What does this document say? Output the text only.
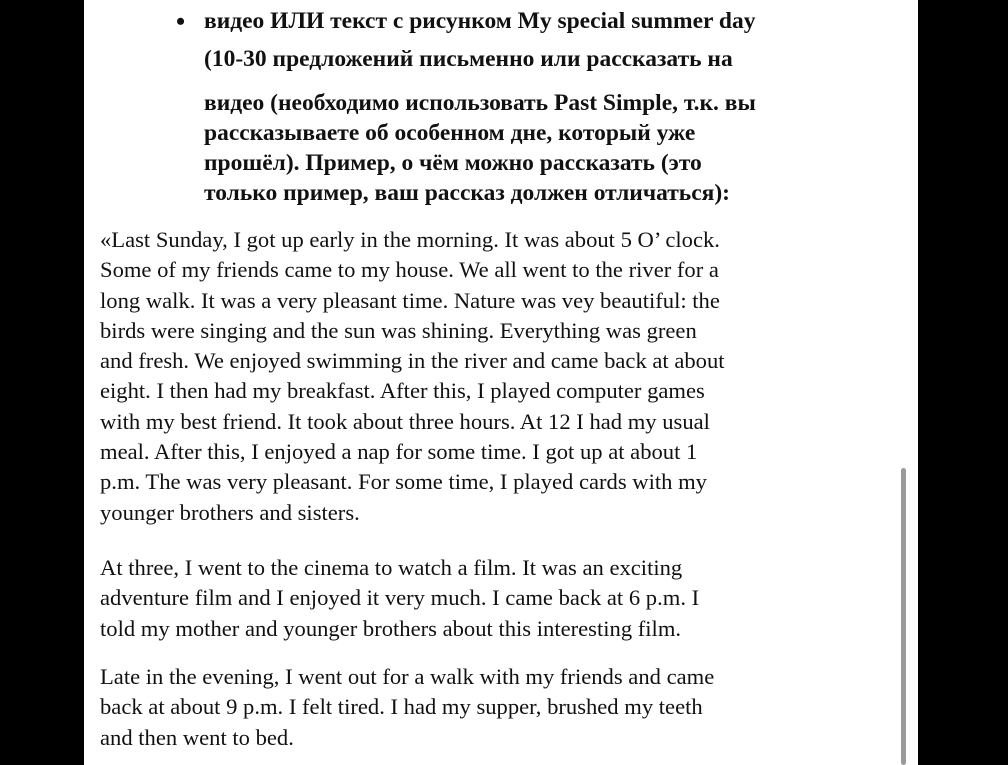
• видео ИЛИ текст с рисунком My special summer day
(10-30 предложений письменно или рассказать на
видео (необходимо использовать Past Simple, т.к. вы
рассказываете об особенном дне, который уже
прошёл). Пример, о чём можно рассказать (это
только пример, ваш рассказ должен отличаться):
«Last Sunday, I got up early in the morning. It was about 5 O’ clock.
Some of my friends came to my house. We all went to the river for a
long walk. It was a very pleasant time. Nature was vey beautiful: the
birds were singing and the sun was shining. Everything was green
and fresh. We enjoyed swimming in the river and came back at about
eight. I then had my breakfast. After this, I played computer games
with my best friend. It took about three hours. At 12 I had my usual
meal. After this, I enjoyed a nap for some time. I got up at about 1
p.m. The was very pleasant. For some time, I played cards with my
younger brothers and sisters.
At three, I went to the cinema to watch a film. It was an exciting
adventure film and I enjoyed it very much. I came back at 6 p.m. I
told my mother and younger brothers about this interesting film.
Late in the evening, I went out for a walk with my friends and came
back at about 9 p.m. I felt tired. I had my supper, brushed my teeth
and then went to bed.
